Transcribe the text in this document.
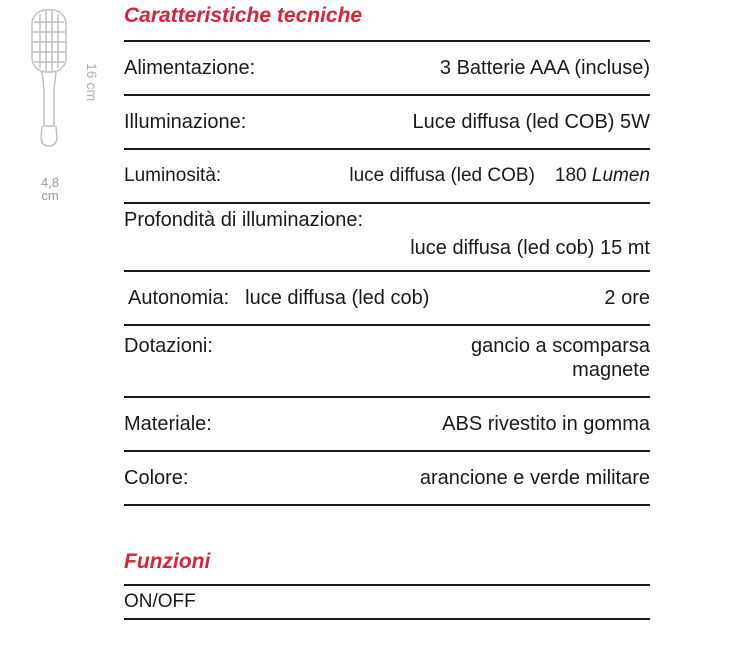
16 cm
4,8
cm
Caratteristiche tecniche
Alimentazione:	3 Batterie AAA (incluse)
Illuminazione:	Luce diffusa (led COB) 5W
Luminosità:	luce diffusa (led COB) 180 Lumen
Profondità di illuminazione:
luce diffusa (led cob) 15 mt
Autonomia: luce diffusa (led cob)	2 ore
Dotazioni:	gancio a scomparsa
magnete
Materiale:	ABS rivestito in gomma
Colore:	arancione e verde militare
Funzioni
ON/OFF
